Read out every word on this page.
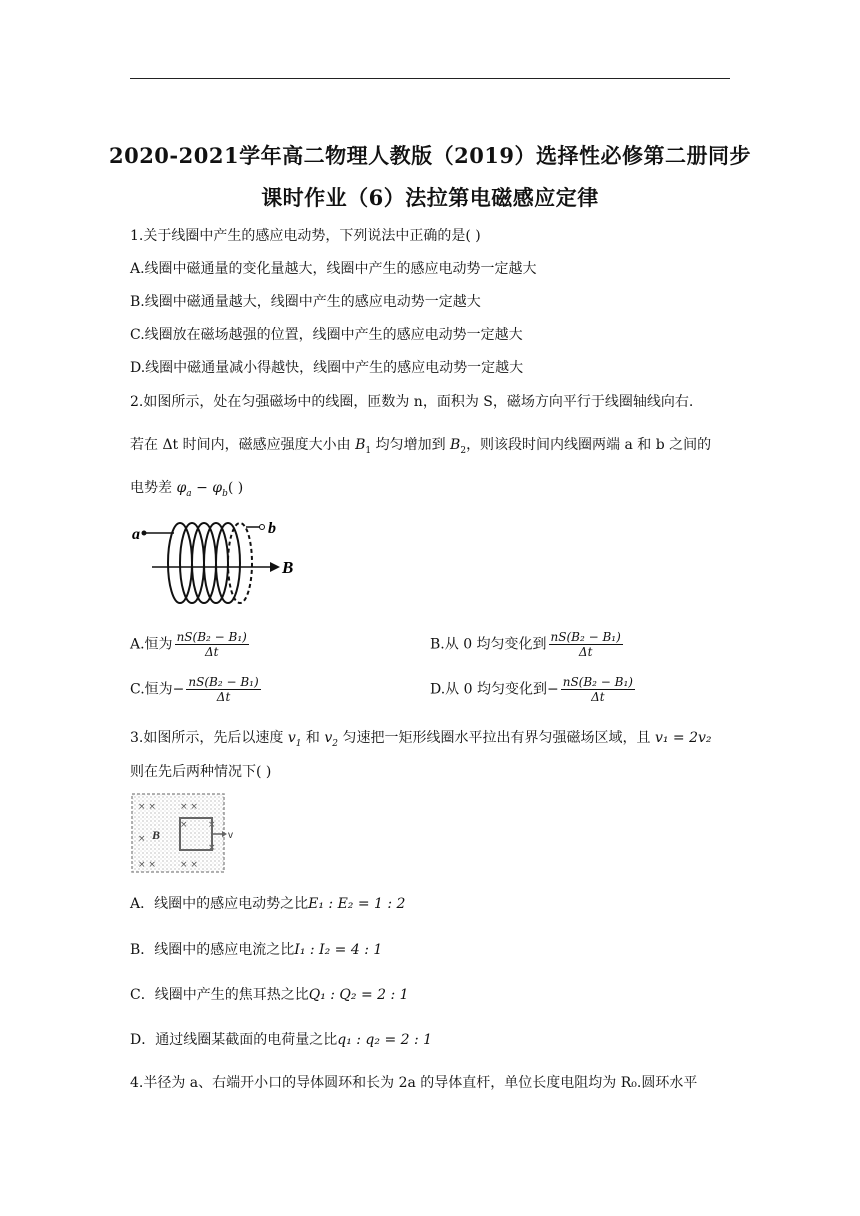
2020-2021学年高二物理人教版（2019）选择性必修第二册同步
课时作业（6）法拉第电磁感应定律
1.关于线圈中产生的感应电动势，下列说法中正确的是( )
A.线圈中磁通量的变化量越大，线圈中产生的感应电动势一定越大
B.线圈中磁通量越大，线圈中产生的感应电动势一定越大
C.线圈放在磁场越强的位置，线圈中产生的感应电动势一定越大
D.线圈中磁通量减小得越快，线圈中产生的感应电动势一定越大
2.如图所示，处在匀强磁场中的线圈，匝数为 n，面积为 S，磁场方向平行于线圈轴线向右.
若在 Δt 时间内，磁感应强度大小由 $B_1$ 均匀增加到 $B_2$，则该段时间内线圈两端 a 和 b 之间的
电势差 $\varphi_a - \varphi_b$( )
a	b
B
A.恒为 $\frac{\text{nS(B₂ − B₁)}}{\Delta t}$	B.从 0 均匀变化到 $\frac{\text{nS(B₂ − B₁)}}{\Delta t}$
C.恒为− $\frac{\text{nS(B₂ − B₁)}}{\Delta t}$	D.从 0 均匀变化到− $\frac{\text{nS(B₂ − B₁)}}{\Delta t}$
3.如图所示，先后以速度 $v_1$ 和 $v_2$ 匀速把一矩形线圈水平拉出有界匀强磁场区域，且 v₁ = 2v₂
则在先后两种情况下( )
× ×	× ×
×
×
× ×	× ×
×
×
B	v
A．线圈中的感应电动势之比E₁ : E₂ = 1 : 2
B．线圈中的感应电流之比I₁ : I₂ = 4 : 1
C．线圈中产生的焦耳热之比Q₁ : Q₂ = 2 : 1
D．通过线圈某截面的电荷量之比q₁ : q₂ = 2 : 1
4.半径为 a、右端开小口的导体圆环和长为 2a 的导体直杆，单位长度电阻均为 R₀.圆环水平
